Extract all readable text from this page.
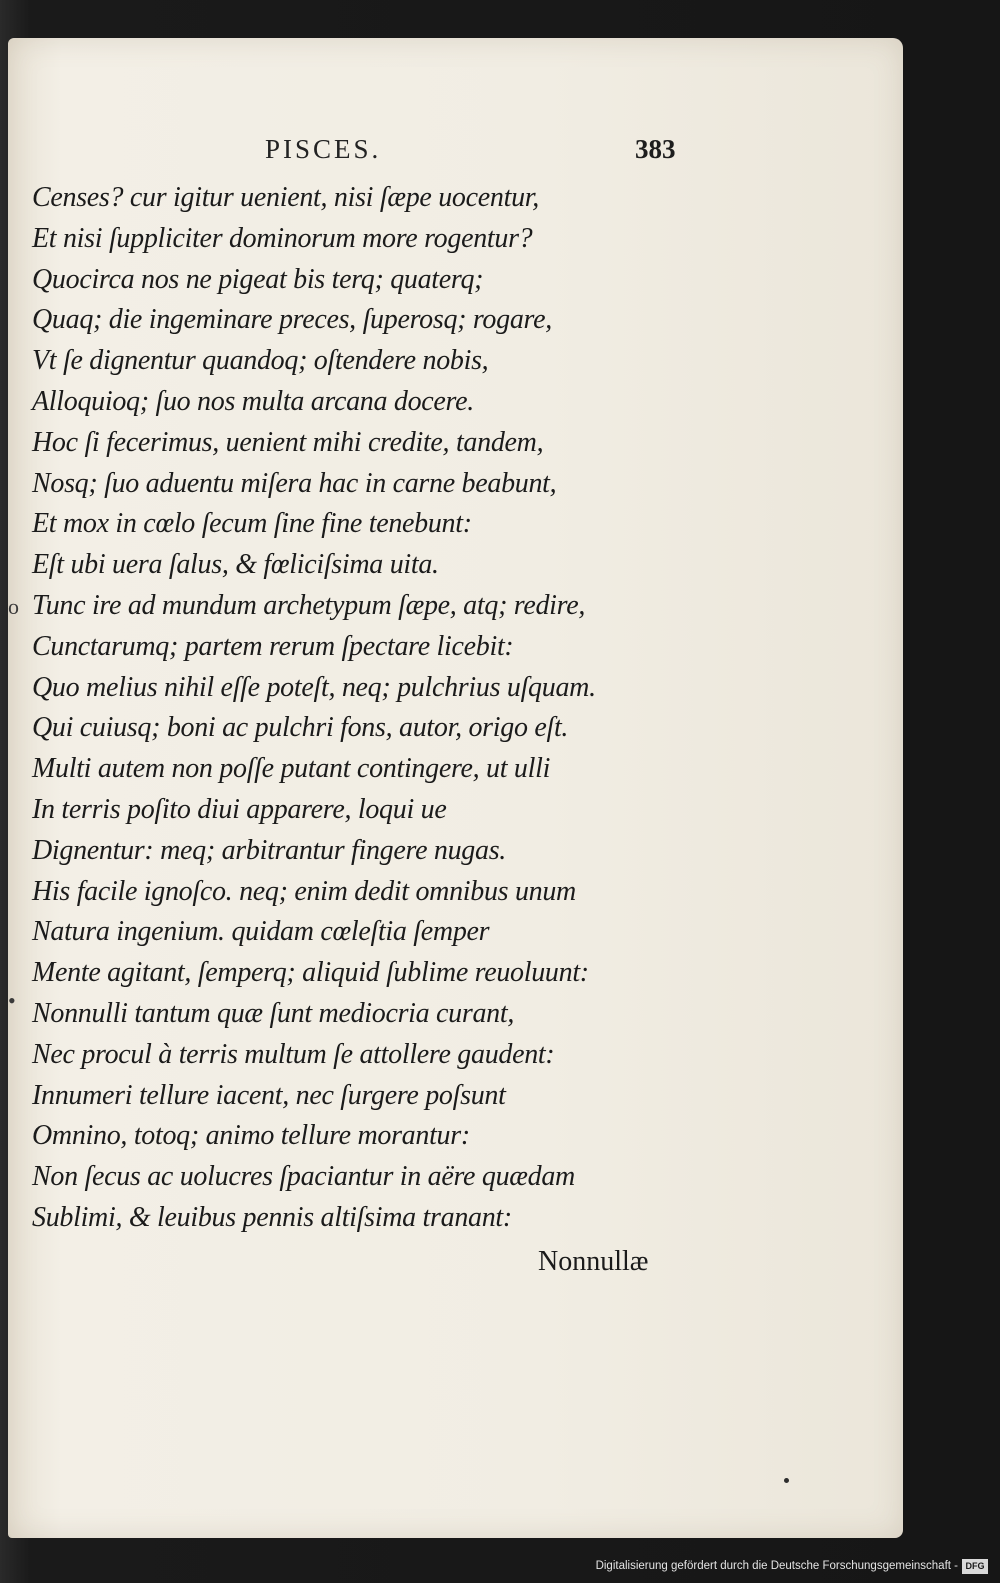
PISCES.	383
Censes? cur igitur uenient, nisi ſæpe uocentur,
Et nisi ſuppliciter dominorum more rogentur?
Quocirca nos ne pigeat bis terq; quaterq;
Quaq; die ingeminare preces, ſuperosq; rogare,
Vt ſe dignentur quandoq; oſtendere nobis,
Alloquioq; ſuo nos multa arcana docere.
Hoc ſi fecerimus, uenient mihi credite, tandem,
Nosq; ſuo aduentu miſera hac in carne beabunt,
Et mox in cœlo ſecum ſine fine tenebunt:
Eſt ubi uera ſalus, & fœliciſsima uita.
Tunc ire ad mundum archetypum ſæpe, atq; redire,
Cunctarumq; partem rerum ſpectare licebit:
Quo melius nihil eſſe poteſt, neq; pulchrius uſquam.
Qui cuiusq; boni ac pulchri fons, autor, origo eſt.
Multi autem non poſſe putant contingere, ut ulli
In terris poſito diui apparere, loqui ue
Dignentur: meq; arbitrantur fingere nugas.
His facile ignoſco. neq; enim dedit omnibus unum
Natura ingenium. quidam cœleſtia ſemper
Mente agitant, ſemperq; aliquid ſublime reuoluunt:
Nonnulli tantum quæ ſunt mediocria curant,
Nec procul à terris multum ſe attollere gaudent:
Innumeri tellure iacent, nec ſurgere poſsunt
Omnino, totoq; animo tellure morantur:
Non ſecus ac uolucres ſpaciantur in aëre quædam
Sublimi, & leuibus pennis altiſsima tranant:
Nonnullæ
o
•
Digitalisierung gefördert durch die Deutsche Forschungsgemeinschaft - DFG
